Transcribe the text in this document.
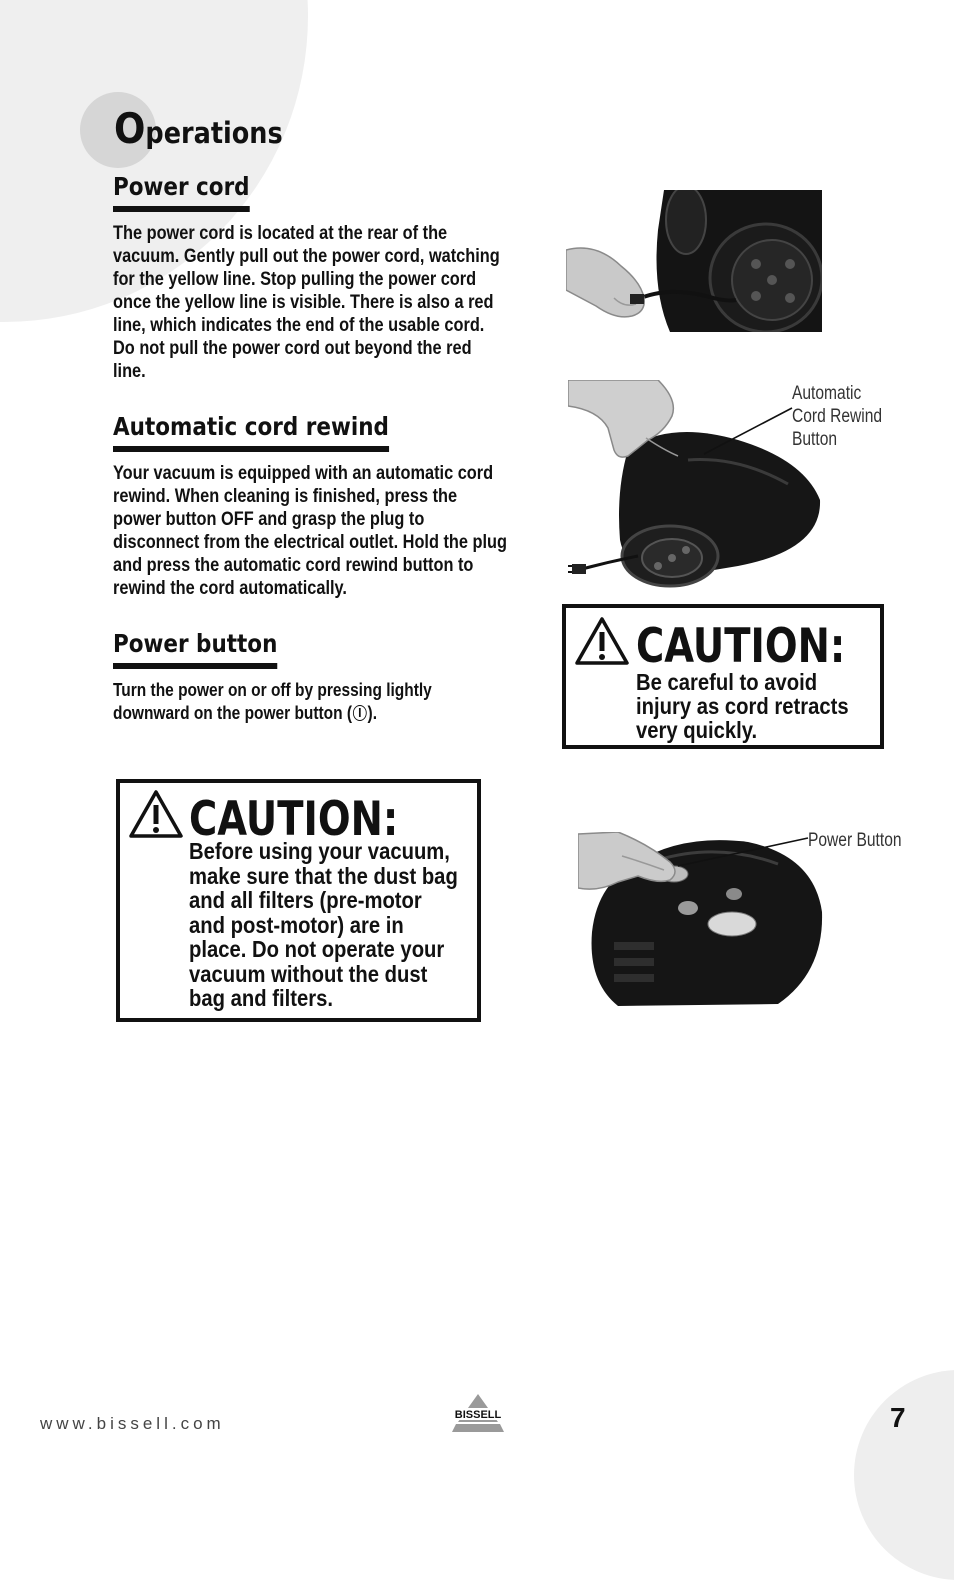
Operations
Power cord

The power cord is located at the rear of the vacuum. Gently pull out the power cord, watching for the yellow line. Stop pulling the power cord once the yellow line is visible. There is also a red line, which indicates the end of the usable cord. Do not pull the power cord out beyond the red line.

Automatic cord rewind

Your vacuum is equipped with an automatic cord rewind. When cleaning is finished, press the power button OFF and grasp the plug to disconnect from the electrical outlet. Hold the plug and press the automatic cord rewind button to rewind the cord automatically.

Power button

Turn the power on or off by pressing lightly downward on the power button ( ).

CAUTION:

Be careful to avoid injury as cord retracts very quickly.

CAUTION:

Before using your vacuum, make sure that the dust bag and all filters (pre-motor and post-motor) are in place. Do not operate your vacuum without the dust bag and filters.

Automatic
Cord Rewind
Button
Power Button
www.bissell.com	BISSELL	7
